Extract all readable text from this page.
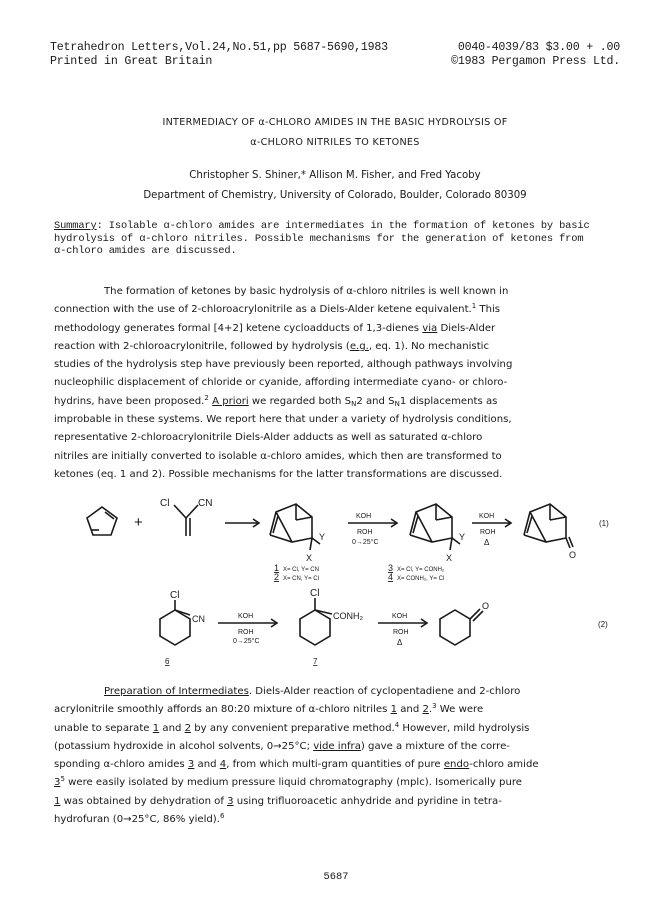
Tetrahedron Letters,Vol.24,No.51,pp 5687-5690,1983	0040-4039/83 $3.00 + .00
Printed in Great Britain	©1983 Pergamon Press Ltd.
INTERMEDIACY OF α-CHLORO AMIDES IN THE BASIC HYDROLYSIS OF
α-CHLORO NITRILES TO KETONES
Christopher S. Shiner,* Allison M. Fisher, and Fred Yacoby
Department of Chemistry, University of Colorado, Boulder, Colorado 80309

Summary: Isolable α-chloro amides are intermediates in the formation of ketones by basic

hydrolysis of α-chloro nitriles. Possible mechanisms for the generation of ketones from

α-chloro amides are discussed.

The formation of ketones by basic hydrolysis of α-chloro nitriles is well known in

connection with the use of 2-chloroacrylonitrile as a Diels-Alder ketene equivalent.$^1$ This

methodology generates formal [4+2] ketene cycloadducts of 1,3-dienes via Diels-Alder

reaction with 2-chloroacrylonitrile, followed by hydrolysis (e.g., eq. 1). No mechanistic

studies of the hydrolysis step have previously been reported, although pathways involving

nucleophilic displacement of chloride or cyanide, affording intermediate cyano- or chloro-

hydrins, have been proposed.$^2$ A priori we regarded both $S_N2$ and $S_N1$ displacements as

improbable in these systems. We report here that under a variety of hydrolysis conditions,

representative 2-chloroacrylonitrile Diels-Alder adducts as well as saturated α-chloro

nitriles are initially converted to isolable α-chloro amides, which then are transformed to

ketones (eq. 1 and 2). Possible mechanisms for the latter transformations are discussed.

+
Cl	CN
Y
X
KOH
ROH
0→25°C
Y
X
KOH
ROH
Δ
O
(1)
1 X= Cl, Y= CN
2 X= CN, Y= Cl
3 X= Cl, Y= CONH₂
4 X= CONH₂, Y= Cl
Cl
CN	KOH
ROH
0→25°C
Cl
CONH₂	KOH
ROH
Δ
O
(2)
6	7

Preparation of Intermediates. Diels-Alder reaction of cyclopentadiene and 2-chloro

acrylonitrile smoothly affords an 80:20 mixture of α-chloro nitriles 1 and 2.$^3$ We were

unable to separate 1 and 2 by any convenient preparative method.$^4$ However, mild hydrolysis

(potassium hydroxide in alcohol solvents, 0→25°C; vide infra) gave a mixture of the corre-

sponding α-chloro amides 3 and 4, from which multi-gram quantities of pure endo-chloro amide

$3^5$ were easily isolated by medium pressure liquid chromatography (mplc). Isomerically pure

1 was obtained by dehydration of 3 using trifluoroacetic anhydride and pyridine in tetra-

hydrofuran (0→25°C, 86% yield).$^6$

5687
